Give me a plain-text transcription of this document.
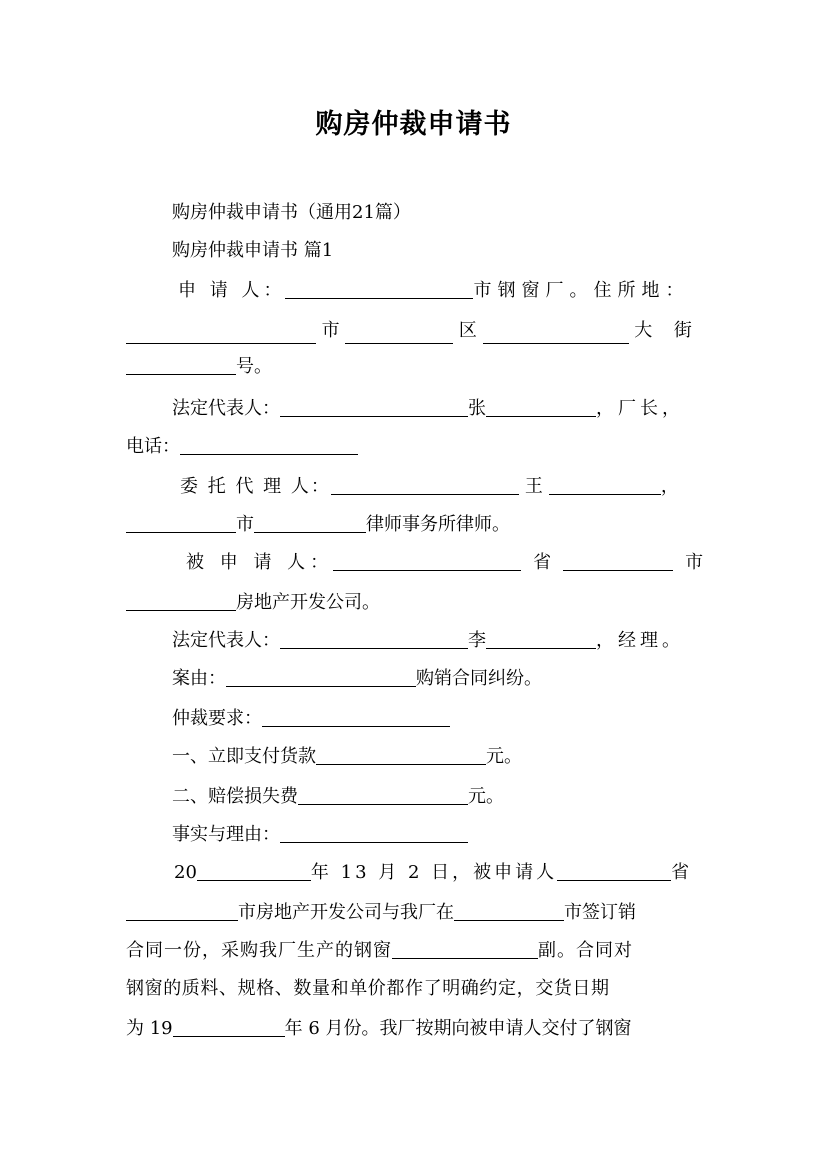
购房仲裁申请书
购房仲裁申请书（通用21篇）
购房仲裁申请书 篇1
申 请 人：	市钢窗厂。住所地：
市	区	大 街
号。
法定代表人：	张	，厂长，
电话：
委 托 代 理 人：	王	，
市	律师事务所律师。
被 申 请 人：	省	市
房地产开发公司。
法定代表人：	李	，经理。
案由：	购销合同纠纷。
仲裁要求：
一、立即支付货款	元。
二、赔偿损失费	元。
事实与理由：
20	年 13 月 2 日，被申请人	省
市房地产开发公司与我厂在	市签订销
合同一份，采购我厂生产的钢窗	副。合同对
钢窗的质料、规格、数量和单价都作了明确约定，交货日期
为 19	年 6 月份。我厂按期向被申请人交付了钢窗
